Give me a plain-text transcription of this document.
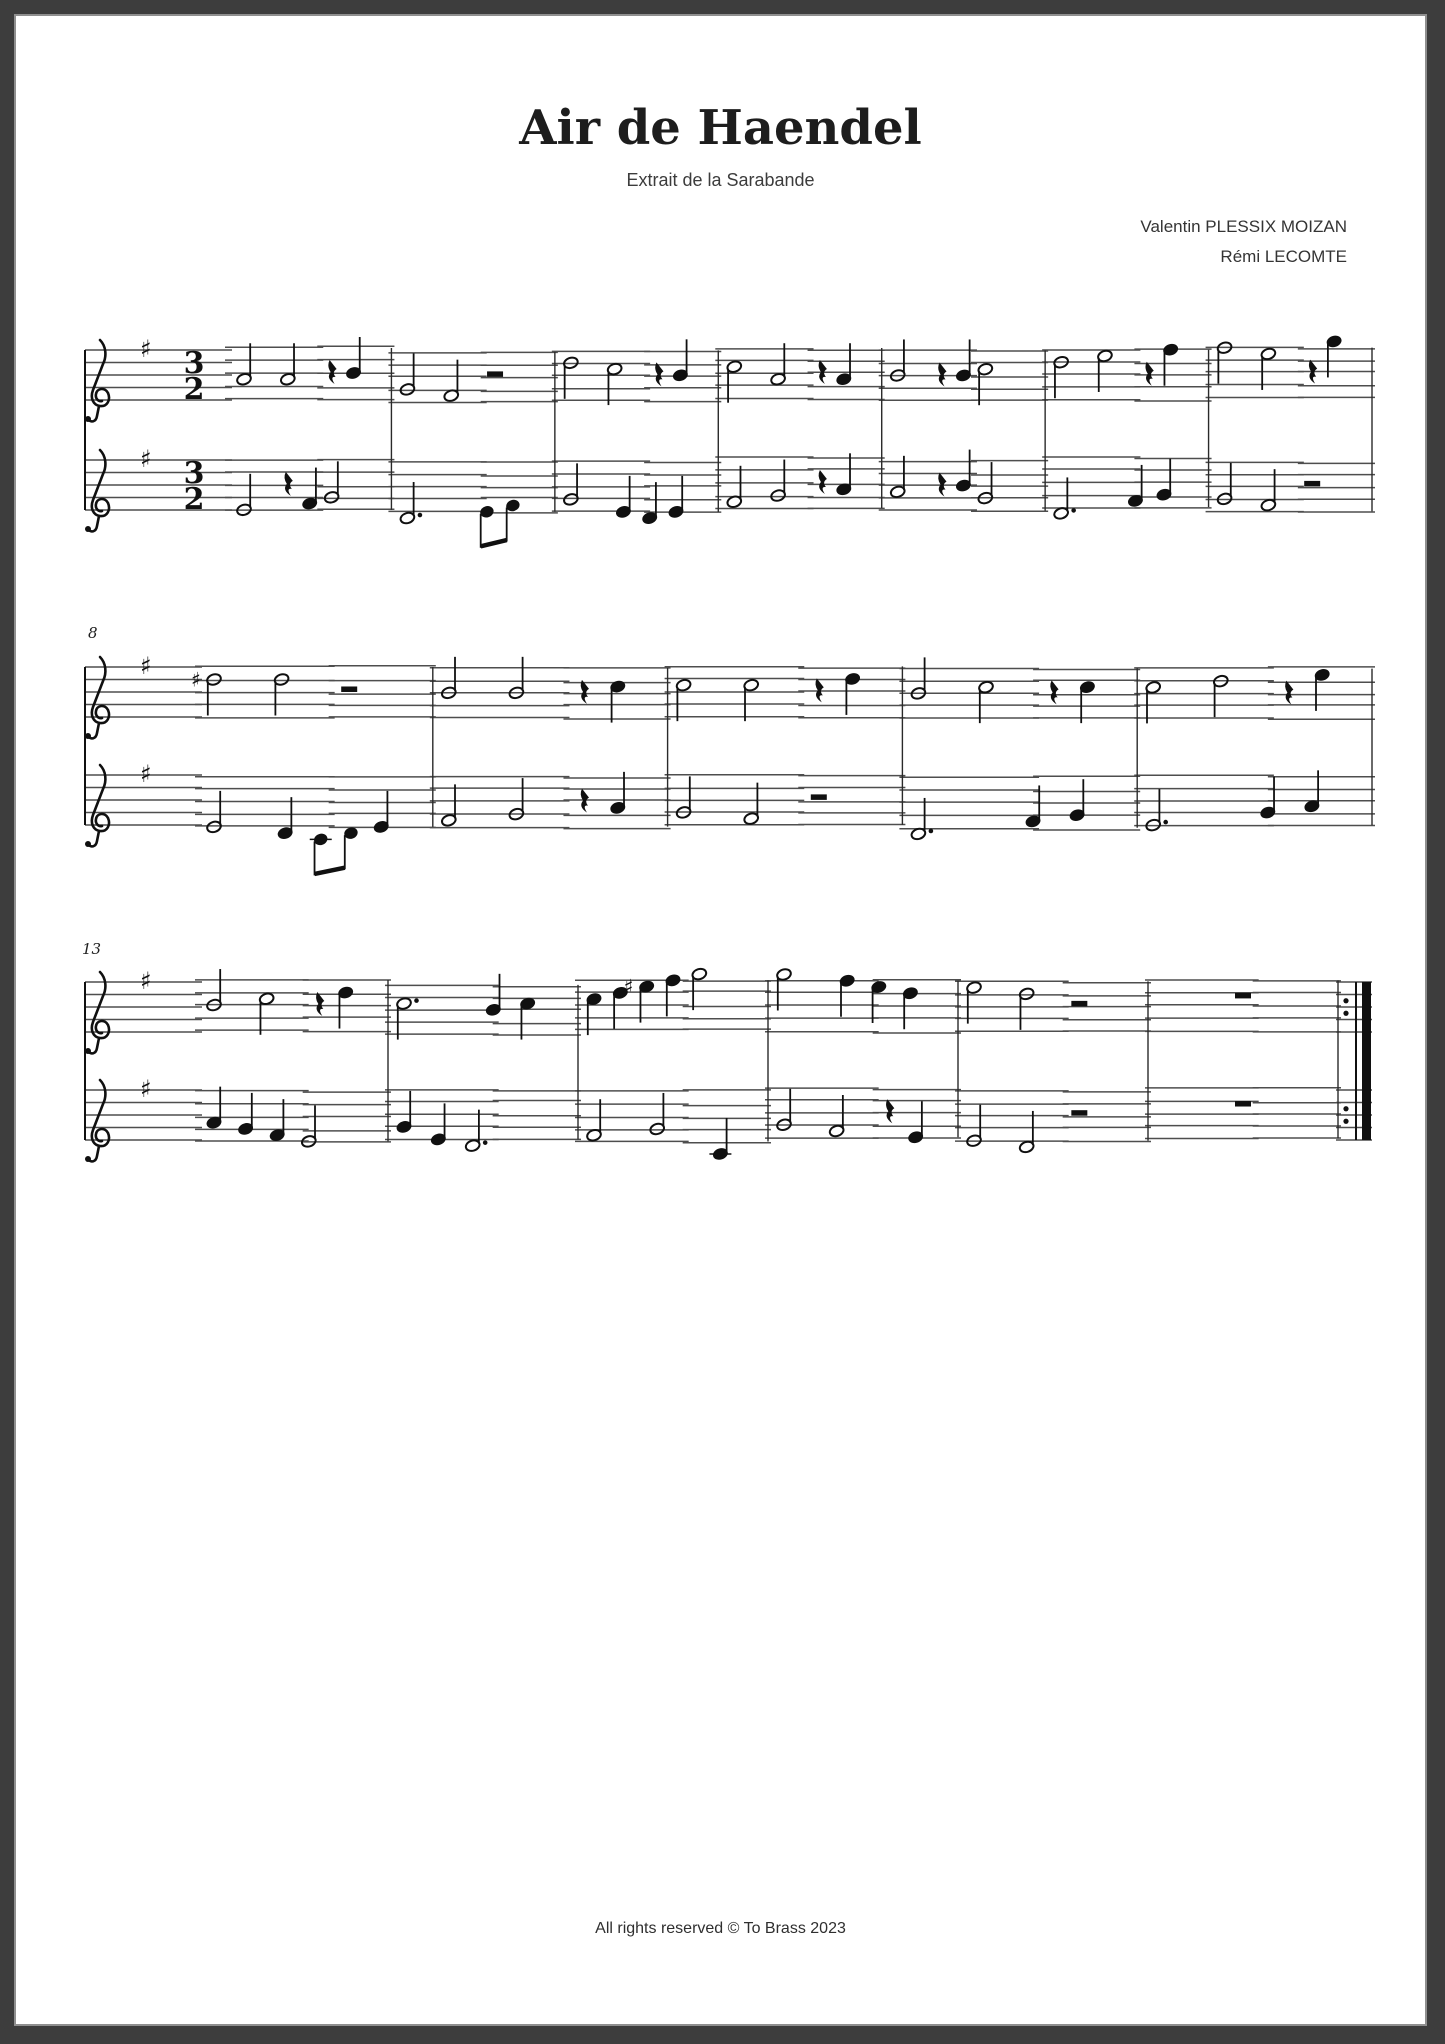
Air de Haendel
Extrait de la Sarabande
Valentin PLESSIX MOIZAN
Rémi LECOMTE
8
13
♯ 3
2
♯ 3
2
♯
♯
♯
♯
♯
♯
All rights reserved © To Brass 2023
